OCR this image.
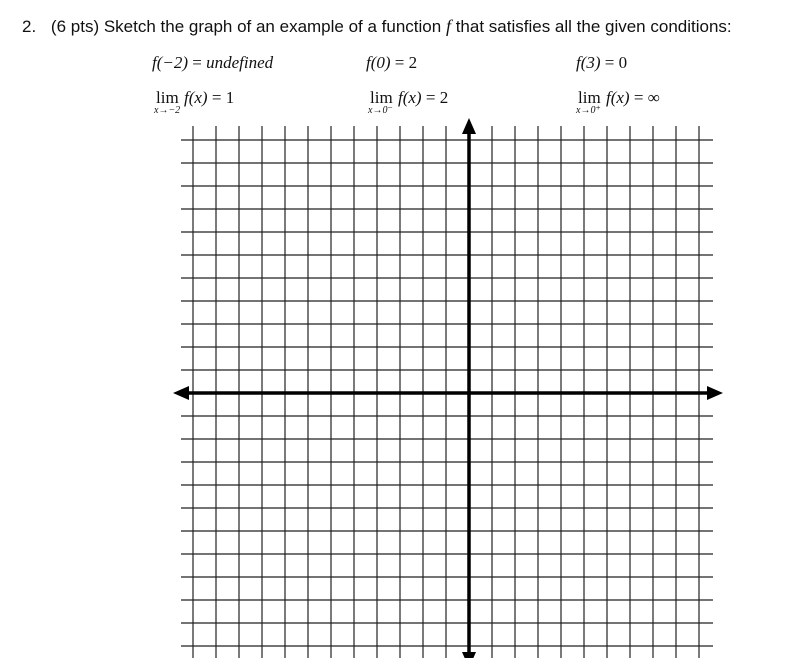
2. (6 pts) Sketch the graph of an example of a function f that satisfies all the given conditions:
f(−2) = undefined	f(0) = 2	f(3) = 0
lim
x→−2
f(x) = 1	lim
x→0⁻
f(x) = 2	lim
x→0⁺
f(x) = ∞
